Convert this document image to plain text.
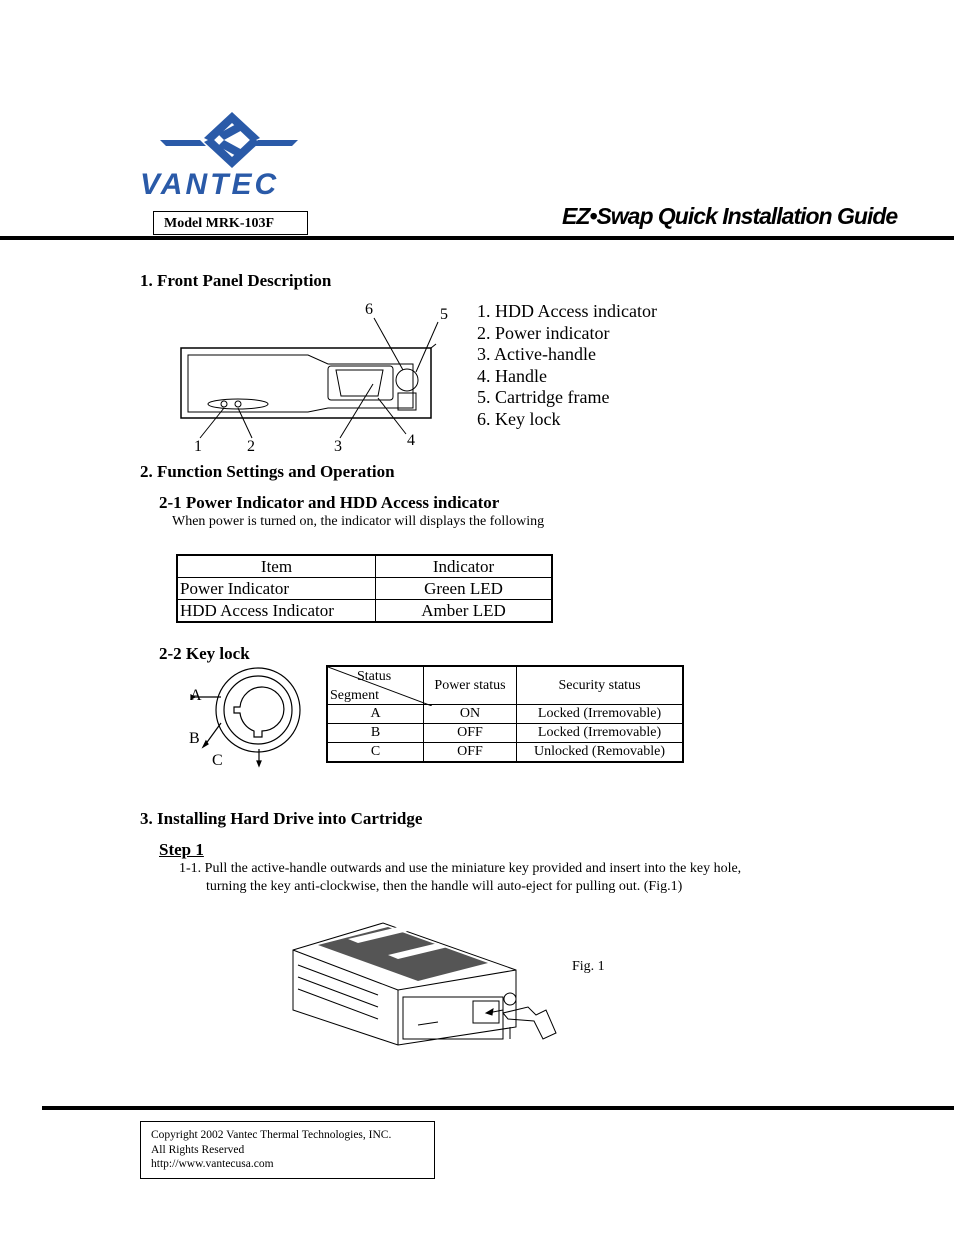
VANTEC
Model MRK-103F	EZ•Swap Quick Installation Guide
1. Front Panel Description
6	5
1	2	3	4
1. HDD Access indicator
2. Power indicator
3. Active-handle
4. Handle
5. Cartridge frame
6. Key lock
2. Function Settings and Operation
2-1 Power Indicator and HDD Access indicator
When power is turned on, the indicator will displays the following
Item	Indicator
Power Indicator	Green LED
HDD Access Indicator	Amber LED
2-2 Key lock
A
B
C
Status
Segment	Power status	Security status
A	ON	Locked (Irremovable)
B	OFF	Locked (Irremovable)
C	OFF	Unlocked (Removable)
3. Installing Hard Drive into Cartridge
Step 1
1-1. Pull the active-handle outwards and use the miniature key provided and insert into the key hole,
turning the key anti-clockwise, then the handle will auto-eject for pulling out. (Fig.1)
Fig. 1
Copyright 2002 Vantec Thermal Technologies, INC.
All Rights Reserved
http://www.vantecusa.com
